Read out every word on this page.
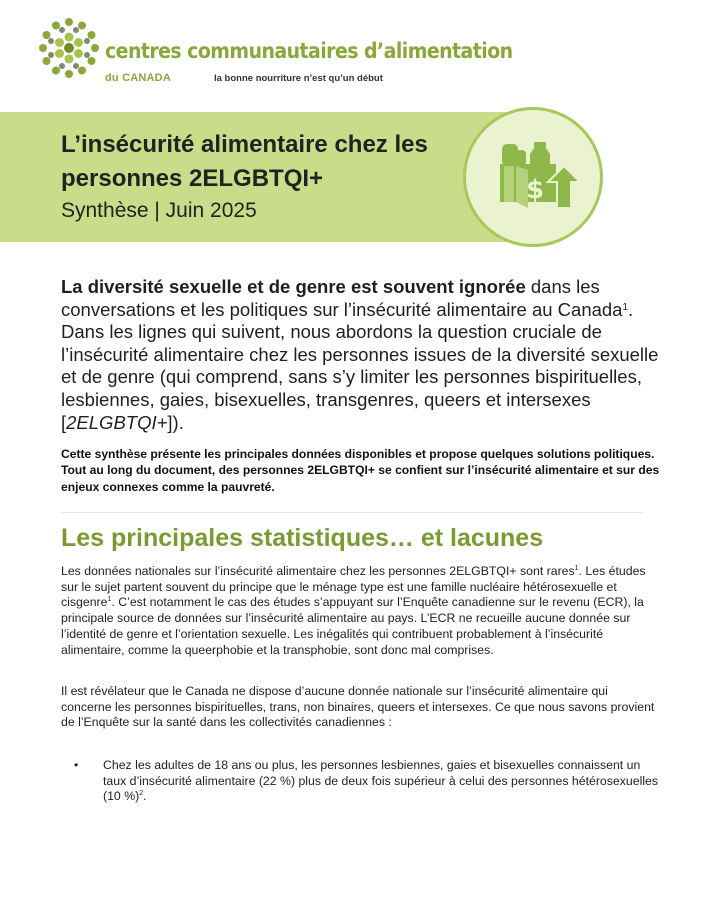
centres communautaires d’alimentation

du CANADA	la bonne nourriture n’est qu’un début

L’insécurité alimentaire chez les personnes 2ELGBTQI+

Synthèse | Juin 2025

$

La diversité sexuelle et de genre est souvent ignorée dans les conversations et les politiques sur l’insécurité alimentaire au Canada$^1$. Dans les lignes qui suivent, nous abordons la question cruciale de l’insécurité alimentaire chez les personnes issues de la diversité sexuelle et de genre (qui comprend, sans s’y limiter les personnes bispirituelles, lesbiennes, gaies, bisexuelles, transgenres, queers et intersexes [2ELGBTQI+]).

Cette synthèse présente les principales données disponibles et propose quelques solutions politiques. Tout au long du document, des personnes 2ELGBTQI+ se confient sur l’insécurité alimentaire et sur des enjeux connexes comme la pauvreté.

Les principales statistiques… et lacunes

Les données nationales sur l’insécurité alimentaire chez les personnes 2ELGBTQI+ sont rares$^1$. Les études sur le sujet partent souvent du principe que le ménage type est une famille nucléaire hétérosexuelle et cisgenre$^1$. C’est notamment le cas des études s’appuyant sur l’Enquête canadienne sur le revenu (ECR), la principale source de données sur l’insécurité alimentaire au pays. L’ECR ne recueille aucune donnée sur l’identité de genre et l’orientation sexuelle. Les inégalités qui contribuent probablement à l’insécurité alimentaire, comme la queerphobie et la transphobie, sont donc mal comprises.

Il est révélateur que le Canada ne dispose d’aucune donnée nationale sur l’insécurité alimentaire qui concerne les personnes bispirituelles, trans, non binaires, queers et intersexes. Ce que nous savons provient de l’Enquête sur la santé dans les collectivités canadiennes :

• Chez les adultes de 18 ans ou plus, les personnes lesbiennes, gaies et bisexuelles connaissent un taux d’insécurité alimentaire (22 %) plus de deux fois supérieur à celui des personnes hétérosexuelles (10 %)$^2$.
